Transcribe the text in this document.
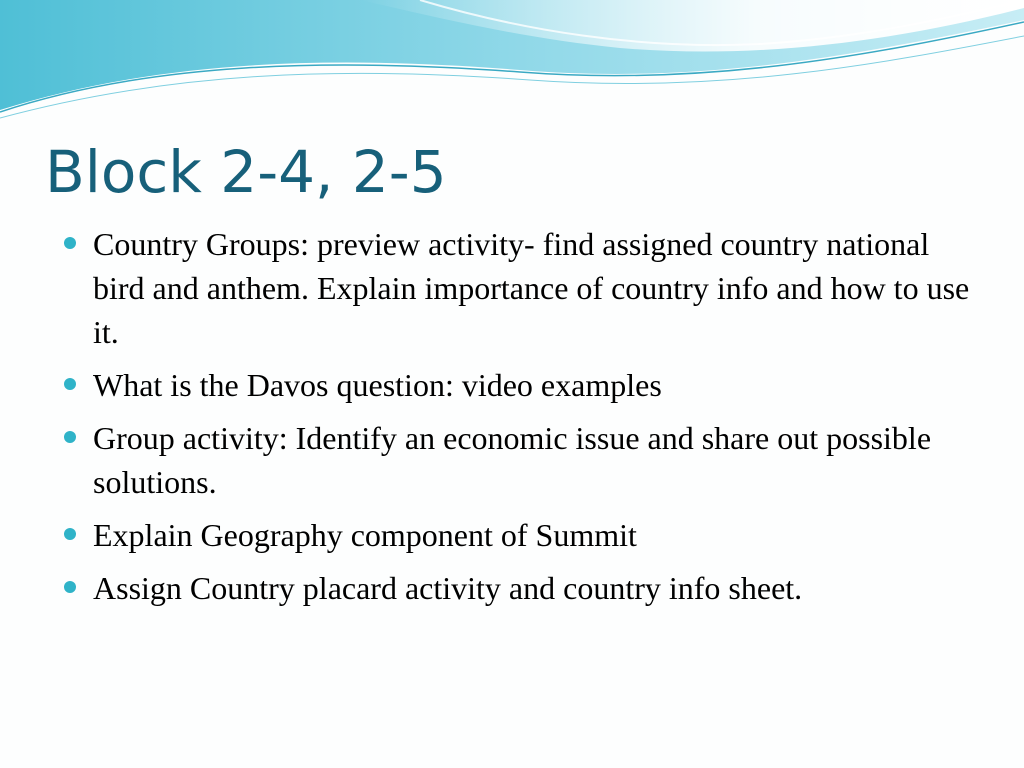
Block 2-4, 2-5
Country Groups: preview activity- find assigned country national bird and anthem. Explain importance of country info and how to use it.
What is the Davos question: video examples
Group activity: Identify an economic issue and share out possible solutions.
Explain Geography component of Summit
Assign Country placard activity and country info sheet.
